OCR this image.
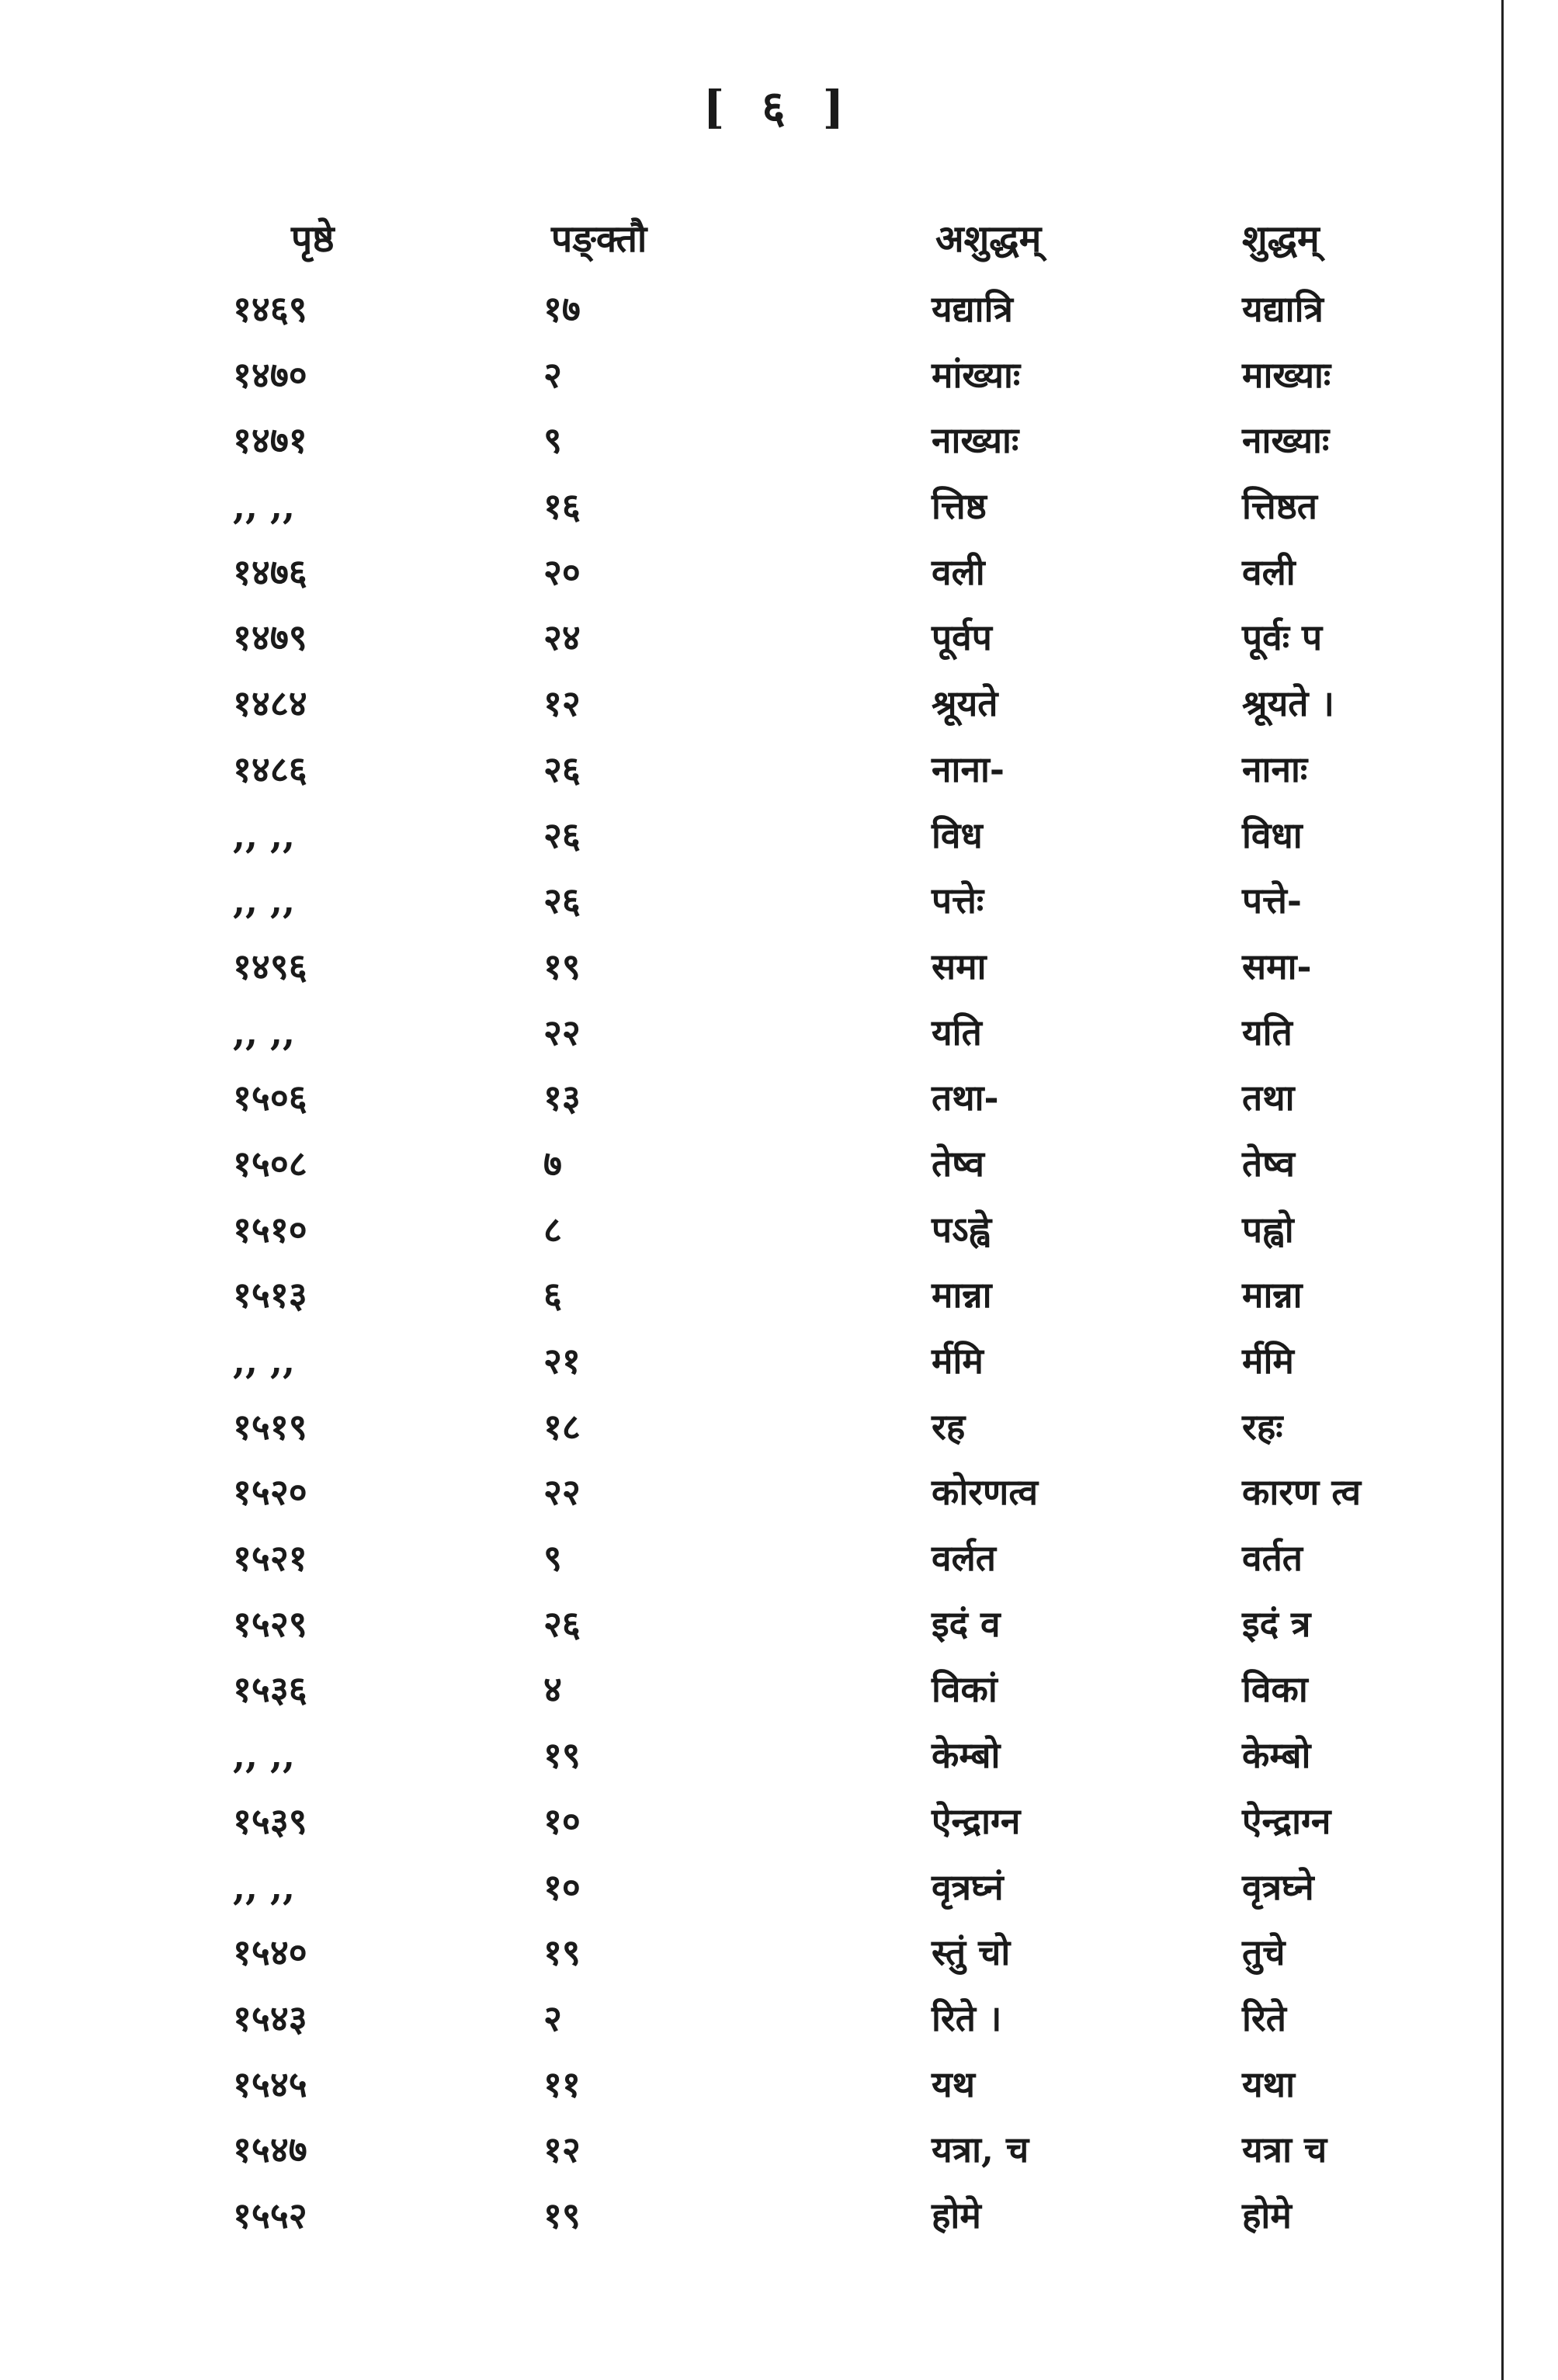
[ ६ ]
पृष्ठे	पङ्क्तौ	अशुद्धम्	शुद्धम्
१४६९	१७	यद्यात्रि	यद्यात्रि
१४७०	२	मांख्याः	माख्याः
१४७१	९	नाख्याः	नाख्याः
,, ,,	१६	त्तिष्ठ	त्तिष्ठत
१४७६	२०	वली	वली
१४७९	२४	पूर्वप	पूर्वः प
१४८४	१२	श्रूयते	श्रूयते ।
१४८६	२६	नाना-	नानाः
,, ,,	२६	विध	विधा
,, ,,	२६	पत्तेः	पत्ते-
१४९६	१९	समा	समा-
,, ,,	२२	यति	यति
१५०६	१३	तथा-	तथा
१५०८	७	तेष्व	तेष्व
१५१०	८	पऽह्वे	पह्वो
१५१३	६	मान्ना	मान्ना
,, ,,	२१	र्ममि	र्ममि
१५१९	१८	रह	रहः
१५२०	२२	कोरणत्व	कारण त्व
१५२१	९	वर्लत	वर्तत
१५२९	२६	इदं व	इदं त्र
१५३६	४	विकां	विका
,, ,,	१९	केम्बो	केम्बो
१५३९	१०	ऐन्द्राग्न	ऐन्द्राग्न
,, ,,	१०	वृत्रघ्नं	वृत्रघ्ने
१५४०	१९	स्तुं चो	तुचे
१५४३	२	रिते ।	रिते
१५४५	११	यथ	यथा
१५४७	१२	यत्रा, च	यत्रा च
१५५२	१९	होमे	होमे
